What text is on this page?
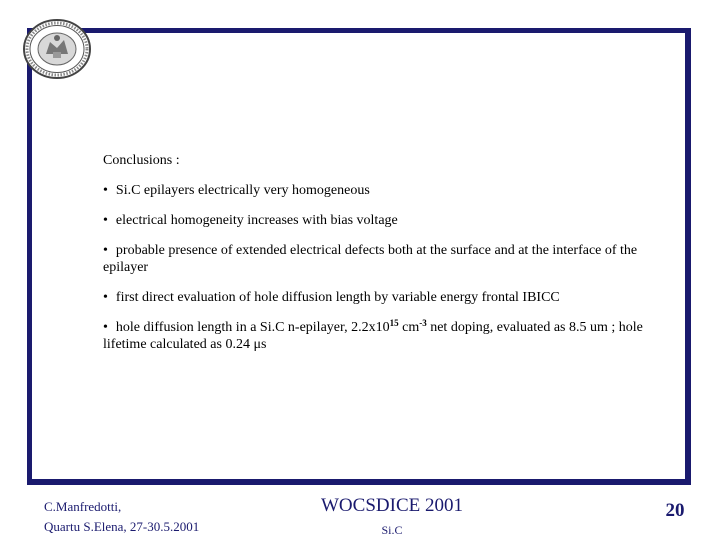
Conclusions :

• Si.C epilayers electrically very homogeneous

• electrical homogeneity increases with bias voltage

• probable presence of extended electrical defects both at the surface and at the interface of the epilayer

• first direct evaluation of hole diffusion length by variable energy frontal IBICC

• hole diffusion length in a Si.C n-epilayer, $2.2x10^{15}$ $cm^{-3}$ net doping, evaluated as 8.5 um ; hole lifetime calculated as 0.24 μs

C.Manfredotti,
Quartu S.Elena, 27-30.5.2001
WOCSDICE 2001
Si.C
20
